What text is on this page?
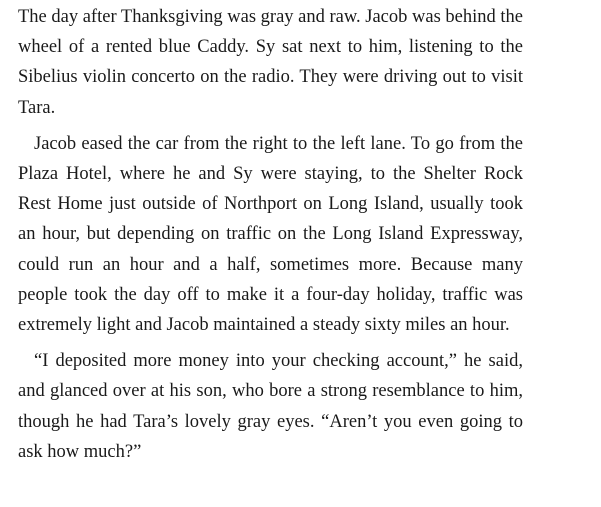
The day after Thanksgiving was gray and raw. Jacob was behind the wheel of a rented blue Caddy. Sy sat next to him, listening to the Sibelius violin concerto on the radio. They were driving out to visit Tara.

Jacob eased the car from the right to the left lane. To go from the Plaza Hotel, where he and Sy were staying, to the Shelter Rock Rest Home just outside of Northport on Long Island, usually took an hour, but depending on traffic on the Long Island Expressway, could run an hour and a half, sometimes more. Because many people took the day off to make it a four-day holiday, traffic was extremely light and Jacob maintained a steady sixty miles an hour.

“I deposited more money into your checking account,” he said, and glanced over at his son, who bore a strong resemblance to him, though he had Tara’s lovely gray eyes. “Aren’t you even going to ask how much?”
